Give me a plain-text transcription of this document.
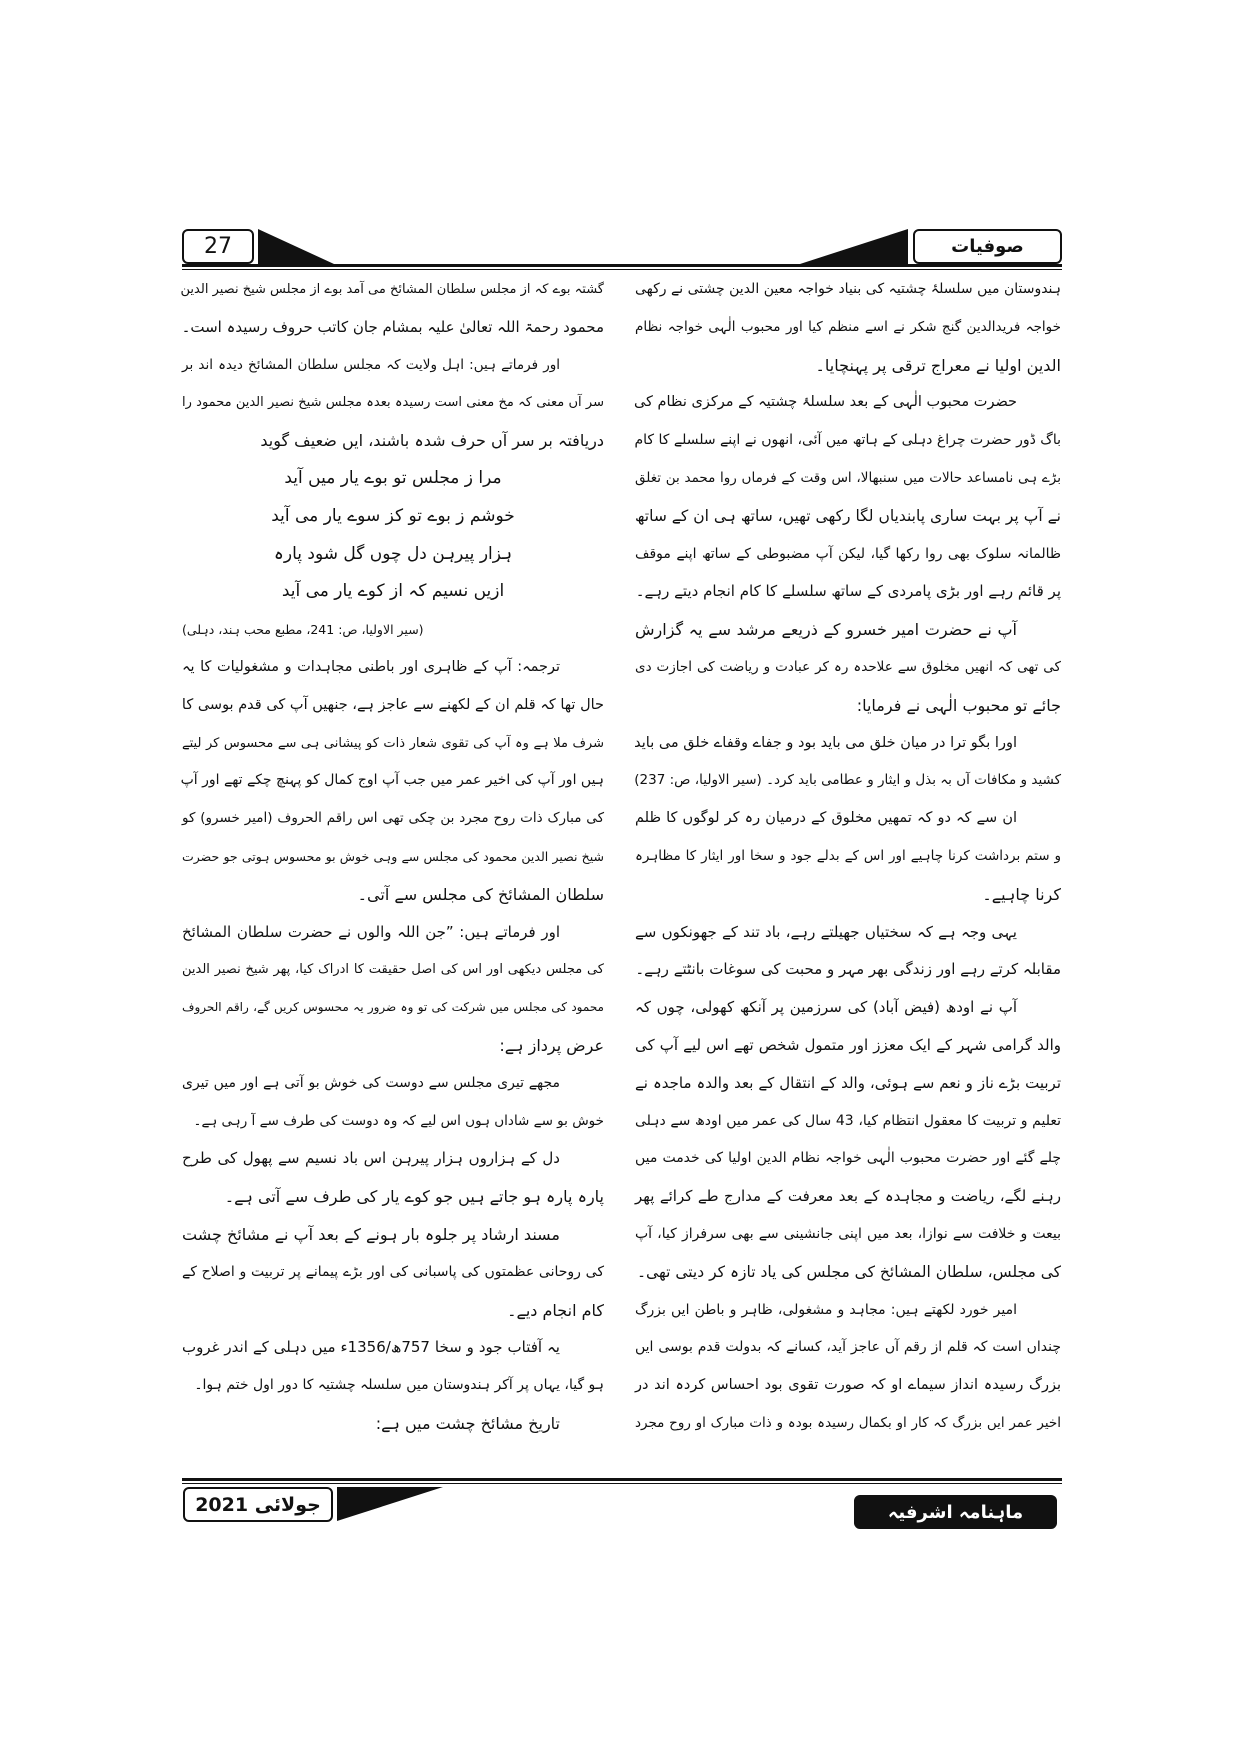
27	صوفیات
ہندوستان میں سلسلۂ چشتیہ کی بنیاد خواجہ معین الدین چشتی نے رکھی
خواجہ فریدالدین گنج شکر نے اسے منظم کیا اور محبوب الٰہی خواجہ نظام
الدین اولیا نے معراج ترقی پر پہنچایا۔
حضرت محبوب الٰہی کے بعد سلسلۂ چشتیہ کے مرکزی نظام کی
باگ ڈور حضرت چراغ دہلی کے ہاتھ میں آئی، انھوں نے اپنے سلسلے کا کام
بڑے ہی نامساعد حالات میں سنبھالا، اس وقت کے فرماں روا محمد بن تغلق
نے آپ پر بہت ساری پابندیاں لگا رکھی تھیں، ساتھ ہی ان کے ساتھ
ظالمانہ سلوک بھی روا رکھا گیا، لیکن آپ مضبوطی کے ساتھ اپنے موقف
پر قائم رہے اور بڑی پامردی کے ساتھ سلسلے کا کام انجام دیتے رہے۔
آپ نے حضرت امیر خسرو کے ذریعے مرشد سے یہ گزارش
کی تھی کہ انھیں مخلوق سے علاحدہ رہ کر عبادت و ریاضت کی اجازت دی
جائے تو محبوب الٰہی نے فرمایا:
اورا بگو ترا در میان خلق می باید بود و جفاے وقفاے خلق می باید
کشید و مکافات آں بہ بذل و ایثار و عطامی باید کرد۔ (سیر الاولیا، ص: 237)
ان سے کہ دو کہ تمھیں مخلوق کے درمیان رہ کر لوگوں کا ظلم
و ستم برداشت کرنا چاہیے اور اس کے بدلے جود و سخا اور ایثار کا مظاہرہ
کرنا چاہیے۔
یہی وجہ ہے کہ سختیاں جھیلتے رہے، باد تند کے جھونکوں سے
مقابلہ کرتے رہے اور زندگی بھر مہر و محبت کی سوغات بانٹتے رہے۔
آپ نے اودھ (فیض آباد) کی سرزمین پر آنکھ کھولی، چوں کہ
والد گرامی شہر کے ایک معزز اور متمول شخص تھے اس لیے آپ کی
تربیت بڑے ناز و نعم سے ہوئی، والد کے انتقال کے بعد والدہ ماجدہ نے
تعلیم و تربیت کا معقول انتظام کیا، 43 سال کی عمر میں اودھ سے دہلی
چلے گئے اور حضرت محبوب الٰہی خواجہ نظام الدین اولیا کی خدمت میں
رہنے لگے، ریاضت و مجاہدہ کے بعد معرفت کے مدارج طے کرائے پھر
بیعت و خلافت سے نوازا، بعد میں اپنی جانشینی سے بھی سرفراز کیا، آپ
کی مجلس، سلطان المشائخ کی مجلس کی یاد تازہ کر دیتی تھی۔
امیر خورد لکھتے ہیں: مجاہد و مشغولی، ظاہر و باطن ایں بزرگ
چنداں است کہ قلم از رقم آں عاجز آید، کسانے کہ بدولت قدم بوسی ایں
بزرگ رسیدہ انداز سیماے او کہ صورت تقوی بود احساس کردہ اند در
اخیر عمر ایں بزرگ کہ کار او بکمال رسیدہ بودہ و ذات مبارک او روح مجرد
گشتہ بوے کہ از مجلس سلطان المشائخ می آمد بوے از مجلس شیخ نصیر الدین
محمود رحمۃ اللہ تعالیٰ علیہ بمشام جان کاتب حروف رسیدہ است۔
اور فرماتے ہیں: اہل ولایت کہ مجلس سلطان المشائخ دیدہ اند بر
سر آں معنی کہ مخ معنی است رسیدہ بعدہ مجلس شیخ نصیر الدین محمود را
دریافتہ بر سر آں حرف شدہ باشند، ایں ضعیف گوید
مرا ز مجلس تو بوے یار میں آید
خوشم ز بوے تو کز سوے یار می آید
ہزار پیرہن دل چوں گل شود پارہ
ازیں نسیم کہ از کوے یار می آید
(سیر الاولیا، ص: 241، مطبع محب ہند، دہلی)
ترجمہ: آپ کے ظاہری اور باطنی مجاہدات و مشغولیات کا یہ
حال تھا کہ قلم ان کے لکھنے سے عاجز ہے، جنھیں آپ کی قدم بوسی کا
شرف ملا ہے وہ آپ کی تقوی شعار ذات کو پیشانی ہی سے محسوس کر لیتے
ہیں اور آپ کی اخیر عمر میں جب آپ اوج کمال کو پہنچ چکے تھے اور آپ
کی مبارک ذات روح مجرد بن چکی تھی اس راقم الحروف (امیر خسرو) کو
شیخ نصیر الدین محمود کی مجلس سے وہی خوش بو محسوس ہوتی جو حضرت
سلطان المشائخ کی مجلس سے آتی۔
اور فرماتے ہیں: ”جن اللہ والوں نے حضرت سلطان المشائخ
کی مجلس دیکھی اور اس کی اصل حقیقت کا ادراک کیا، پھر شیخ نصیر الدین
محمود کی مجلس میں شرکت کی تو وہ ضرور یہ محسوس کریں گے، راقم الحروف
عرض پرداز ہے:
مجھے تیری مجلس سے دوست کی خوش بو آتی ہے اور میں تیری
خوش بو سے شاداں ہوں اس لیے کہ وہ دوست کی طرف سے آ رہی ہے۔
دل کے ہزاروں ہزار پیرہن اس باد نسیم سے پھول کی طرح
پارہ پارہ ہو جاتے ہیں جو کوے یار کی طرف سے آتی ہے۔
مسند ارشاد پر جلوہ بار ہونے کے بعد آپ نے مشائخ چشت
کی روحانی عظمتوں کی پاسبانی کی اور بڑے پیمانے پر تربیت و اصلاح کے
کام انجام دیے۔
یہ آفتاب جود و سخا 757ھ/1356ء میں دہلی کے اندر غروب
ہو گیا، یہاں پر آکر ہندوستان میں سلسلہ چشتیہ کا دور اول ختم ہوا۔
تاریخ مشائخ چشت میں ہے:
جولائی 2021	ماہنامہ اشرفیہ
